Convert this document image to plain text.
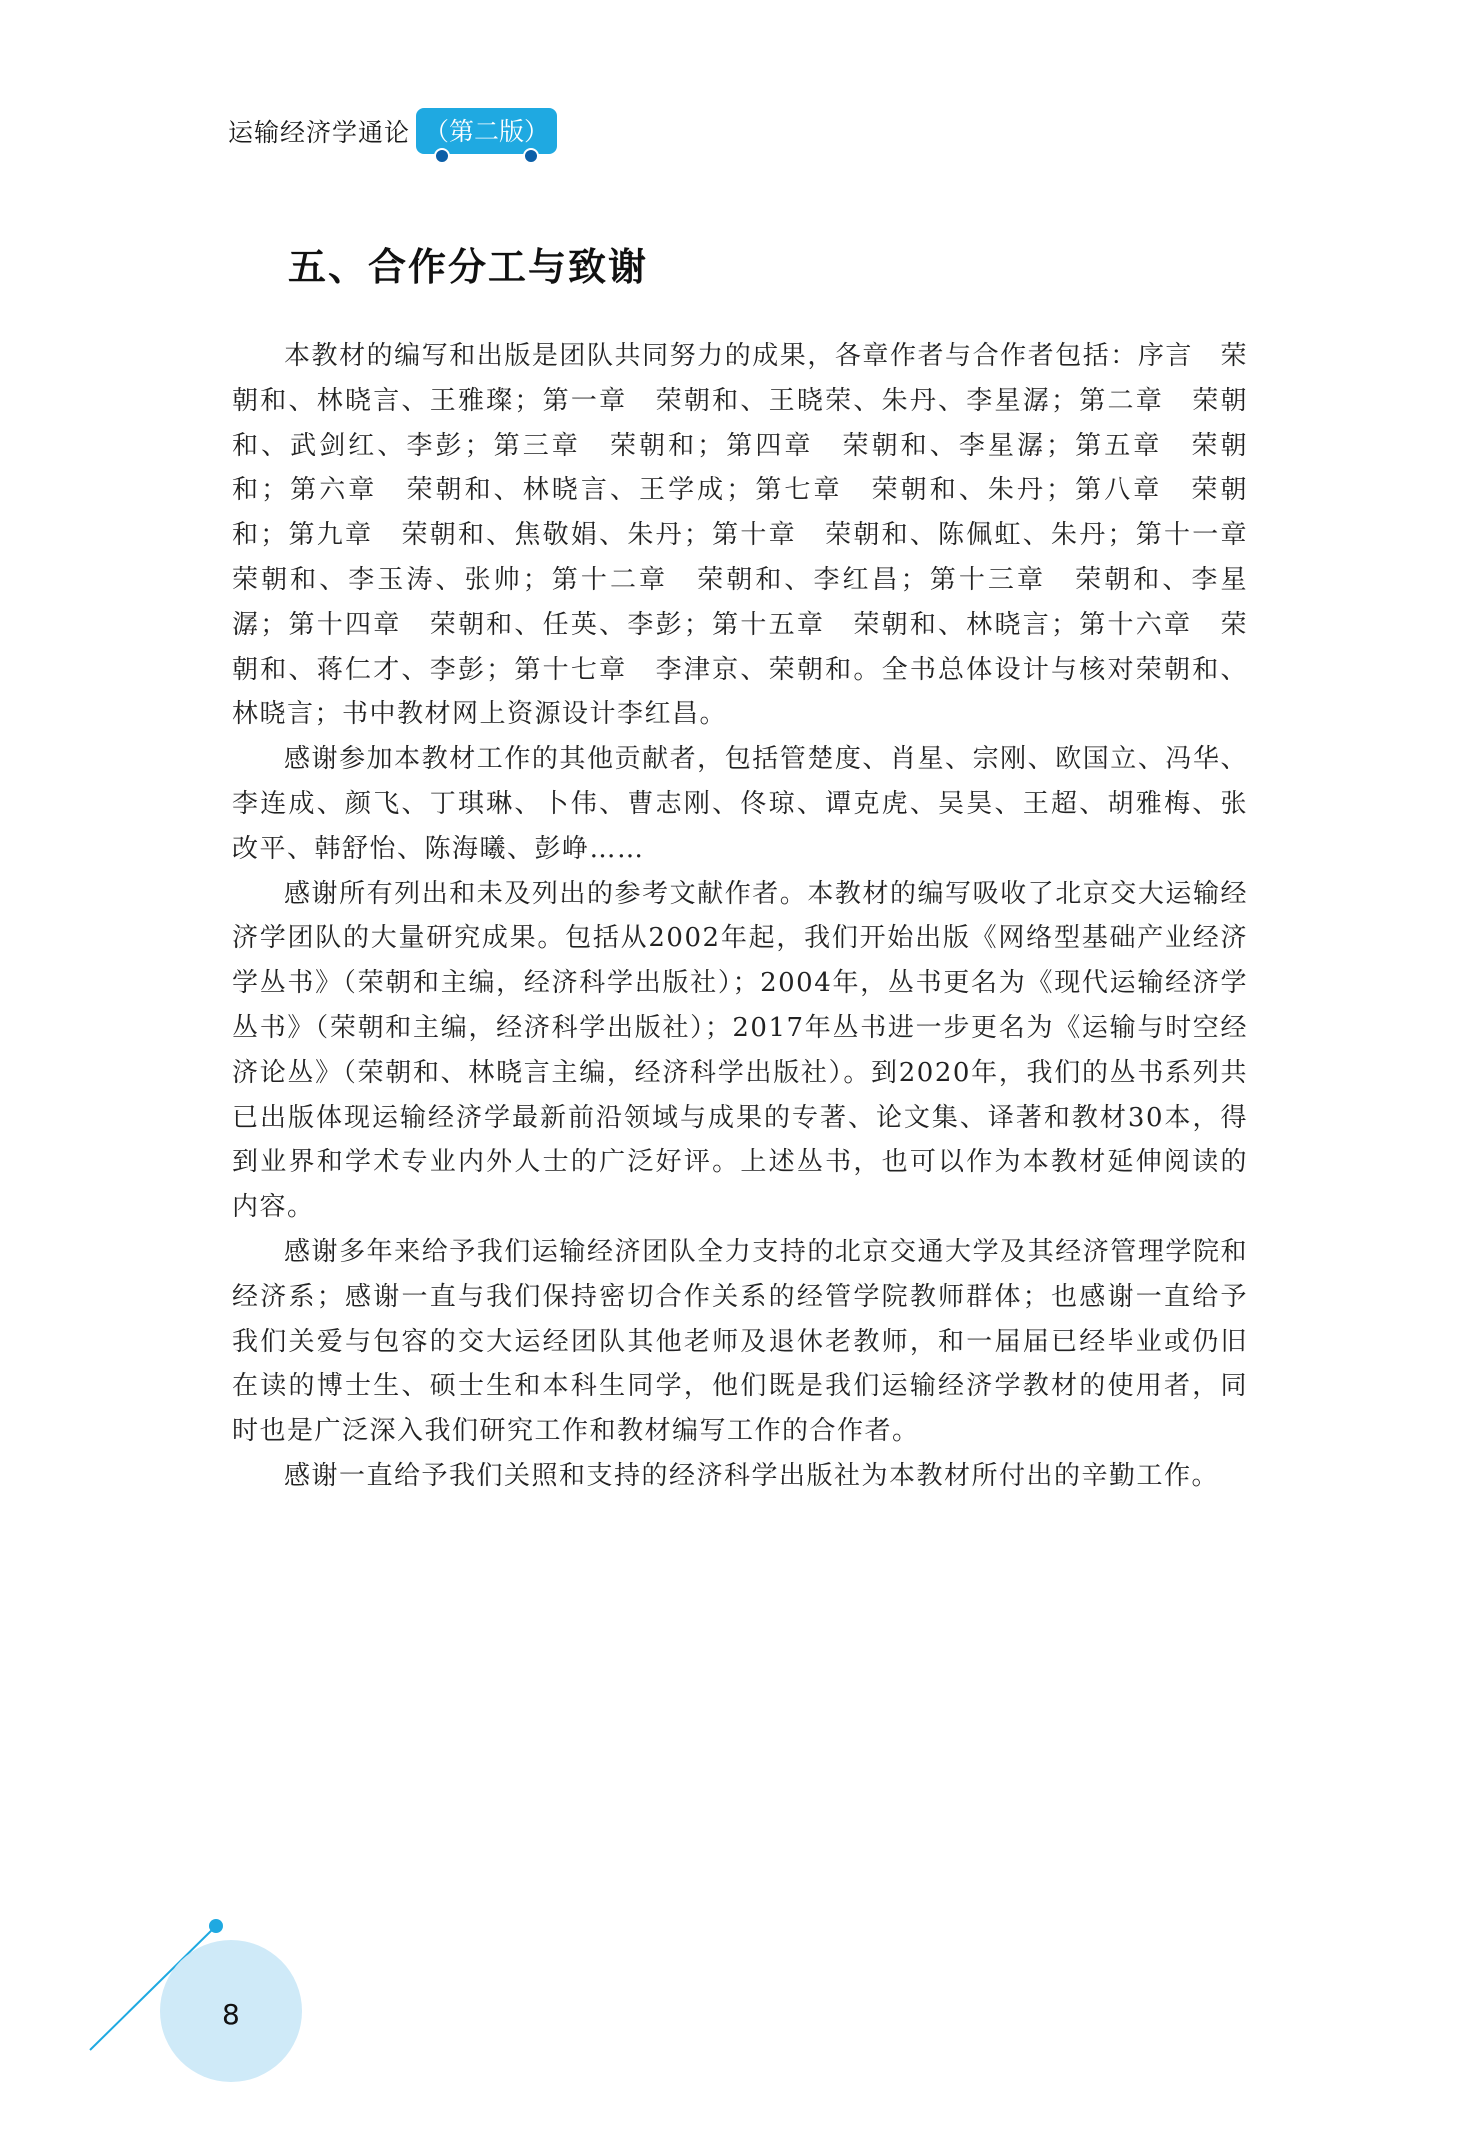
运输经济学通论 （第二版）
五、合作分工与致谢

本教材的编写和出版是团队共同努力的成果，各章作者与合作者包括：序言　荣朝和、林晓言、王雅璨；第一章　荣朝和、王晓荣、朱丹、李星潺；第二章　荣朝和、武剑红、李彭；第三章　荣朝和；第四章　荣朝和、李星潺；第五章　荣朝和；第六章　荣朝和、林晓言、王学成；第七章　荣朝和、朱丹；第八章　荣朝和；第九章　荣朝和、焦敬娟、朱丹；第十章　荣朝和、陈佩虹、朱丹；第十一章　荣朝和、李玉涛、张帅；第十二章　荣朝和、李红昌；第十三章　荣朝和、李星潺；第十四章　荣朝和、任英、李彭；第十五章　荣朝和、林晓言；第十六章　荣朝和、蒋仁才、李彭；第十七章　李津京、荣朝和。全书总体设计与核对荣朝和、林晓言；书中教材网上资源设计李红昌。

感谢参加本教材工作的其他贡献者，包括管楚度、肖星、宗刚、欧国立、冯华、李连成、颜飞、丁琪琳、卜伟、曹志刚、佟琼、谭克虎、吴昊、王超、胡雅梅、张改平、韩舒怡、陈海曦、彭峥……

感谢所有列出和未及列出的参考文献作者。本教材的编写吸收了北京交大运输经济学团队的大量研究成果。包括从2002年起，我们开始出版《网络型基础产业经济学丛书》（荣朝和主编，经济科学出版社）；2004年，丛书更名为《现代运输经济学丛书》（荣朝和主编，经济科学出版社）；2017年丛书进一步更名为《运输与时空经济论丛》（荣朝和、林晓言主编，经济科学出版社）。到2020年，我们的丛书系列共已出版体现运输经济学最新前沿领域与成果的专著、论文集、译著和教材30本，得到业界和学术专业内外人士的广泛好评。上述丛书，也可以作为本教材延伸阅读的内容。

感谢多年来给予我们运输经济团队全力支持的北京交通大学及其经济管理学院和经济系；感谢一直与我们保持密切合作关系的经管学院教师群体；也感谢一直给予我们关爱与包容的交大运经团队其他老师及退休老教师，和一届届已经毕业或仍旧在读的博士生、硕士生和本科生同学，他们既是我们运输经济学教材的使用者，同时也是广泛深入我们研究工作和教材编写工作的合作者。

感谢一直给予我们关照和支持的经济科学出版社为本教材所付出的辛勤工作。

8
